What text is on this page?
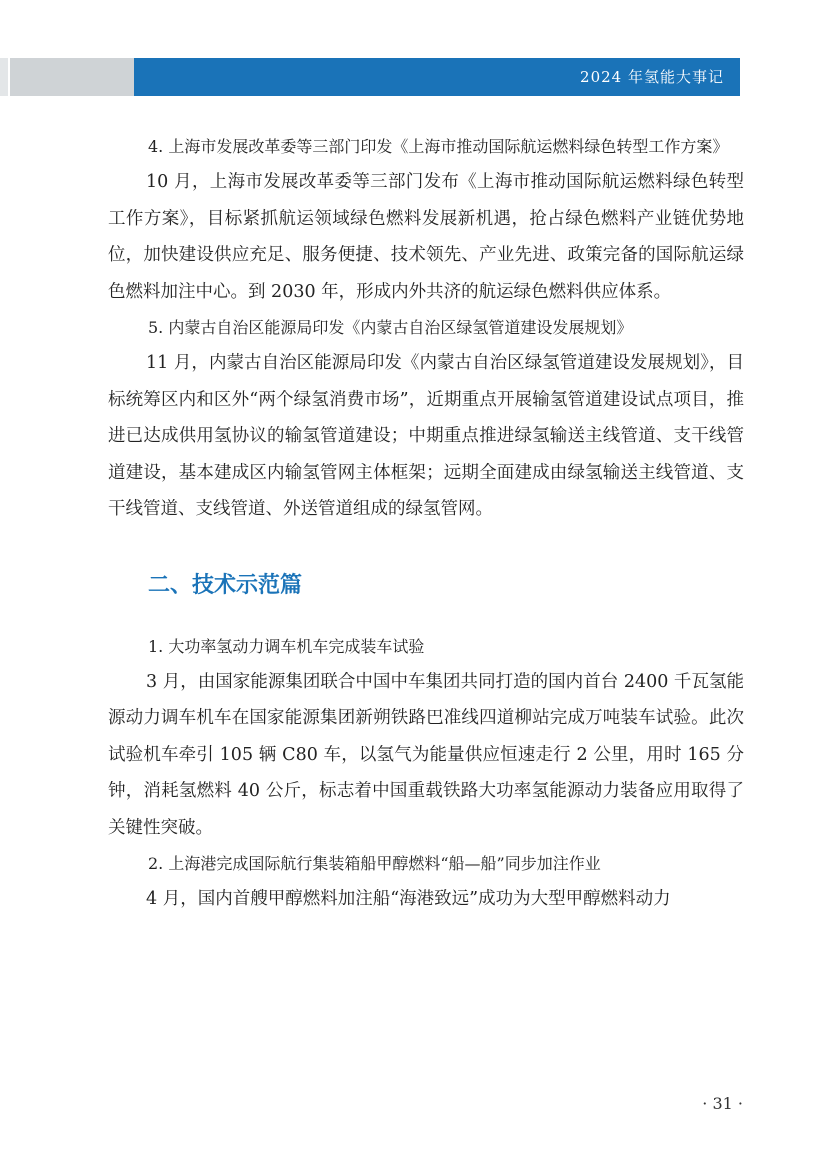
2024 年氢能大事记

4. 上海市发展改革委等三部门印发《上海市推动国际航运燃料绿色转型工作方案》

10 月，上海市发展改革委等三部门发布《上海市推动国际航运燃料绿色转型工作方案》，目标紧抓航运领域绿色燃料发展新机遇，抢占绿色燃料产业链优势地位，加快建设供应充足、服务便捷、技术领先、产业先进、政策完备的国际航运绿色燃料加注中心。到 2030 年，形成内外共济的航运绿色燃料供应体系。

5. 内蒙古自治区能源局印发《内蒙古自治区绿氢管道建设发展规划》

11 月，内蒙古自治区能源局印发《内蒙古自治区绿氢管道建设发展规划》，目标统筹区内和区外“两个绿氢消费市场”，近期重点开展输氢管道建设试点项目，推进已达成供用氢协议的输氢管道建设；中期重点推进绿氢输送主线管道、支干线管道建设，基本建成区内输氢管网主体框架；远期全面建成由绿氢输送主线管道、支干线管道、支线管道、外送管道组成的绿氢管网。

二、技术示范篇

1. 大功率氢动力调车机车完成装车试验

3 月，由国家能源集团联合中国中车集团共同打造的国内首台 2400 千瓦氢能源动力调车机车在国家能源集团新朔铁路巴准线四道柳站完成万吨装车试验。此次试验机车牵引 105 辆 C80 车，以氢气为能量供应恒速走行 2 公里，用时 165 分钟，消耗氢燃料 40 公斤，标志着中国重载铁路大功率氢能源动力装备应用取得了关键性突破。

2. 上海港完成国际航行集装箱船甲醇燃料“船—船”同步加注作业

4 月，国内首艘甲醇燃料加注船“海港致远”成功为大型甲醇燃料动力

· 31 ·
